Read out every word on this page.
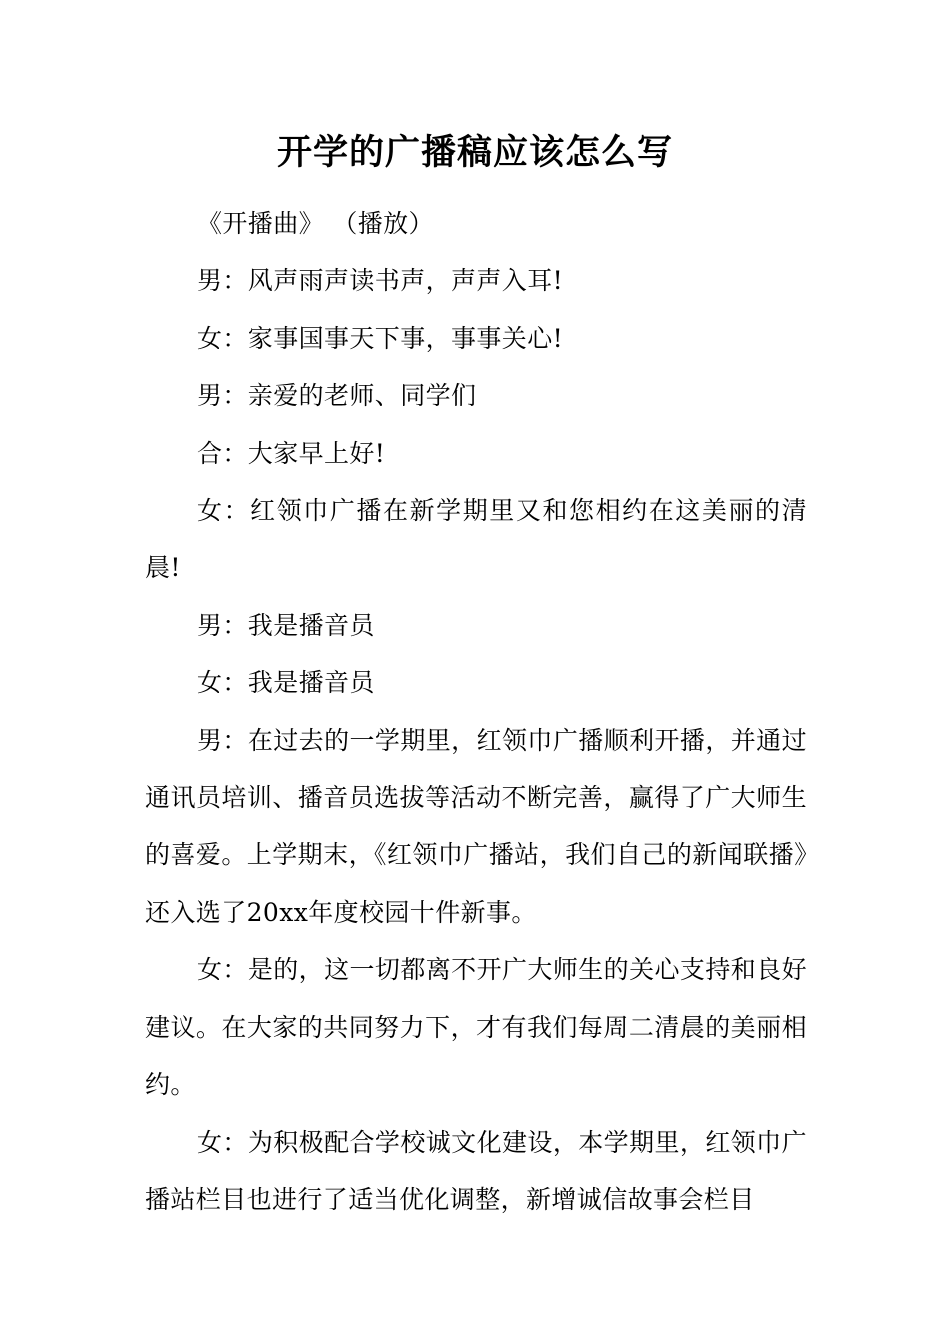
开学的广播稿应该怎么写

《开播曲》 （播放）

男：风声雨声读书声，声声入耳!

女：家事国事天下事，事事关心!

男：亲爱的老师、同学们

合：大家早上好!

女：红领巾广播在新学期里又和您相约在这美丽的清晨!

男：我是播音员

女：我是播音员

男：在过去的一学期里，红领巾广播顺利开播，并通过通讯员培训、播音员选拔等活动不断完善，赢得了广大师生的喜爱。上学期末，《红领巾广播站，我们自己的新闻联播》还入选了20xx年度校园十件新事。

女：是的，这一切都离不开广大师生的关心支持和良好建议。在大家的共同努力下，才有我们每周二清晨的美丽相约。

女：为积极配合学校诚文化建设，本学期里，红领巾广播站栏目也进行了适当优化调整，新增诚信故事会栏目
